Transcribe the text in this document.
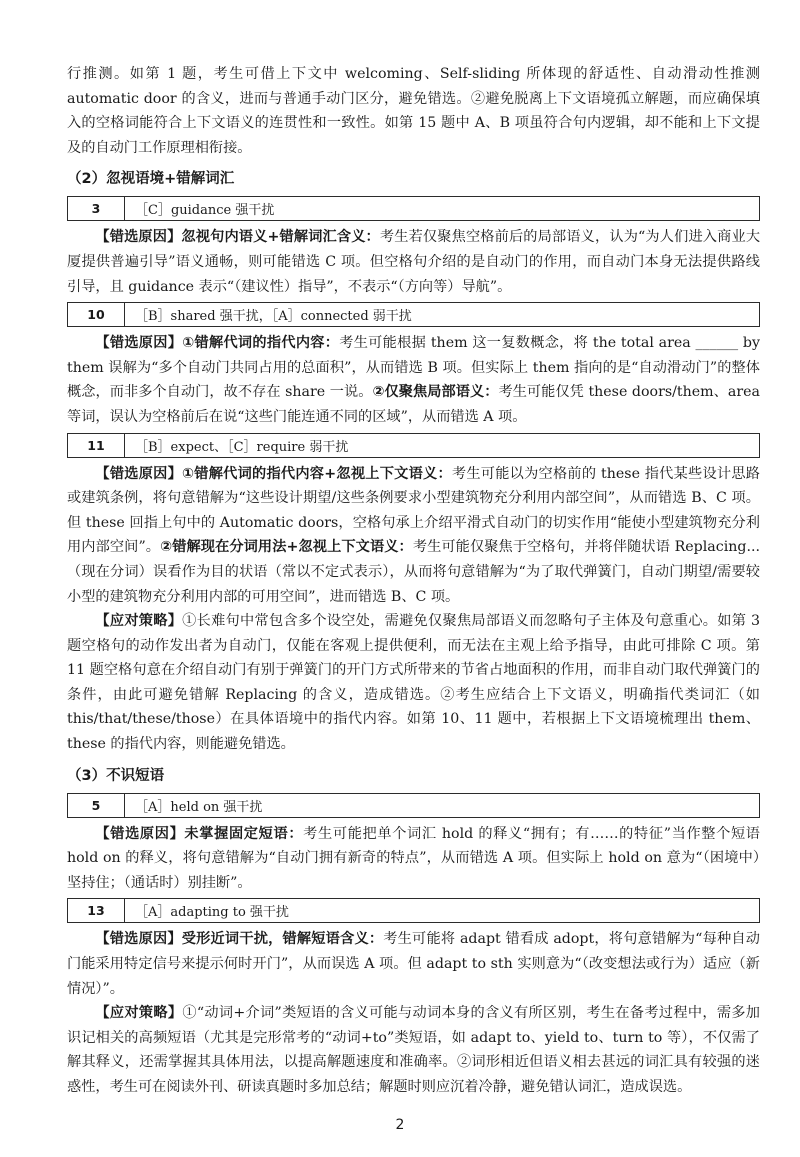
行推测。如第 1 题，考生可借上下文中 welcoming、Self-sliding 所体现的舒适性、自动滑动性推测 automatic door 的含义，进而与普通手动门区分，避免错选。②避免脱离上下文语境孤立解题，而应确保填入的空格词能符合上下文语义的连贯性和一致性。如第 15 题中 A、B 项虽符合句内逻辑，却不能和上下文提及的自动门工作原理相衔接。

（2）忽视语境+错解词汇
3	［C］guidance 强干扰

【错选原因】忽视句内语义+错解词汇含义：考生若仅聚焦空格前后的局部语义，认为“为人们进入商业大厦提供普遍引导”语义通畅，则可能错选 C 项。但空格句介绍的是自动门的作用，而自动门本身无法提供路线引导，且 guidance 表示“（建议性）指导”，不表示“（方向等）导航”。

10	［B］shared 强干扰，［A］connected 弱干扰

【错选原因】①错解代词的指代内容：考生可能根据 them 这一复数概念，将 the total area ______ by them 误解为“多个自动门共同占用的总面积”，从而错选 B 项。但实际上 them 指向的是“自动滑动门”的整体概念，而非多个自动门，故不存在 share 一说。②仅聚焦局部语义：考生可能仅凭 these doors/them、area 等词，误认为空格前后在说“这些门能连通不同的区域”，从而错选 A 项。

11	［B］expect、［C］require 弱干扰

【错选原因】①错解代词的指代内容+忽视上下文语义：考生可能以为空格前的 these 指代某些设计思路或建筑条例，将句意错解为“这些设计期望/这些条例要求小型建筑物充分利用内部空间”，从而错选 B、C 项。但 these 回指上句中的 Automatic doors，空格句承上介绍平滑式自动门的切实作用“能使小型建筑物充分利用内部空间”。②错解现在分词用法+忽视上下文语义：考生可能仅聚焦于空格句，并将伴随状语 Replacing...（现在分词）误看作为目的状语（常以不定式表示），从而将句意错解为“为了取代弹簧门，自动门期望/需要较小型的建筑物充分利用内部的可用空间”，进而错选 B、C 项。

【应对策略】①长难句中常包含多个设空处，需避免仅聚焦局部语义而忽略句子主体及句意重心。如第 3 题空格句的动作发出者为自动门，仅能在客观上提供便利，而无法在主观上给予指导，由此可排除 C 项。第 11 题空格句意在介绍自动门有别于弹簧门的开门方式所带来的节省占地面积的作用，而非自动门取代弹簧门的条件，由此可避免错解 Replacing 的含义，造成错选。②考生应结合上下文语义，明确指代类词汇（如 this/that/these/those）在具体语境中的指代内容。如第 10、11 题中，若根据上下文语境梳理出 them、these 的指代内容，则能避免错选。

（3）不识短语
5	［A］held on 强干扰

【错选原因】未掌握固定短语：考生可能把单个词汇 hold 的释义“拥有；有……的特征”当作整个短语 hold on 的释义，将句意错解为“自动门拥有新奇的特点”，从而错选 A 项。但实际上 hold on 意为“（困境中）坚持住；（通话时）别挂断”。

13	［A］adapting to 强干扰

【错选原因】受形近词干扰，错解短语含义：考生可能将 adapt 错看成 adopt，将句意错解为“每种自动门能采用特定信号来提示何时开门”，从而误选 A 项。但 adapt to sth 实则意为“（改变想法或行为）适应（新情况）”。

【应对策略】①“动词+介词”类短语的含义可能与动词本身的含义有所区别，考生在备考过程中，需多加识记相关的高频短语（尤其是完形常考的“动词+to”类短语，如 adapt to、yield to、turn to 等），不仅需了解其释义，还需掌握其具体用法，以提高解题速度和准确率。②词形相近但语义相去甚远的词汇具有较强的迷惑性，考生可在阅读外刊、研读真题时多加总结；解题时则应沉着冷静，避免错认词汇，造成误选。

2
